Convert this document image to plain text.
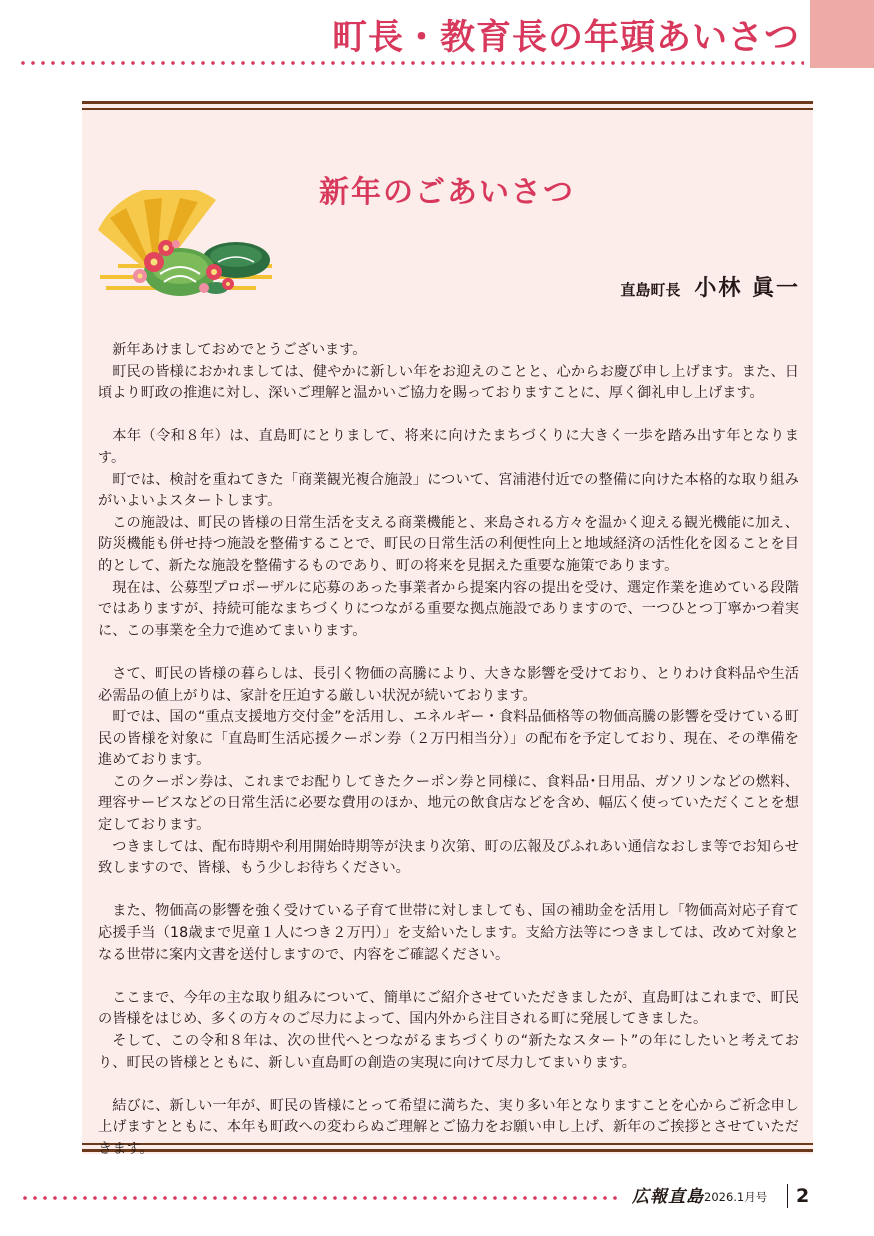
町長・教育長の年頭あいさつ
新年のごあいさつ
直島町長 小林 眞一

新年あけましておめでとうございます。

町民の皆様におかれましては、健やかに新しい年をお迎えのことと、心からお慶び申し上げます。また、日頃より町政の推進に対し、深いご理解と温かいご協力を賜っておりますことに、厚く御礼申し上げます。

本年（令和８年）は、直島町にとりまして、将来に向けたまちづくりに大きく一歩を踏み出す年となります。

町では、検討を重ねてきた「商業観光複合施設」について、宮浦港付近での整備に向けた本格的な取り組みがいよいよスタートします。

この施設は、町民の皆様の日常生活を支える商業機能と、来島される方々を温かく迎える観光機能に加え、防災機能も併せ持つ施設を整備することで、町民の日常生活の利便性向上と地域経済の活性化を図ることを目的として、新たな施設を整備するものであり、町の将来を見据えた重要な施策であります。

現在は、公募型プロポーザルに応募のあった事業者から提案内容の提出を受け、選定作業を進めている段階ではありますが、持続可能なまちづくりにつながる重要な拠点施設でありますので、一つひとつ丁寧かつ着実に、この事業を全力で進めてまいります。

さて、町民の皆様の暮らしは、長引く物価の高騰により、大きな影響を受けており、とりわけ食料品や生活必需品の値上がりは、家計を圧迫する厳しい状況が続いております。

町では、国の“重点支援地方交付金”を活用し、エネルギー・食料品価格等の物価高騰の影響を受けている町民の皆様を対象に「直島町生活応援クーポン券（２万円相当分）」の配布を予定しており、現在、その準備を進めております。

このクーポン券は、これまでお配りしてきたクーポン券と同様に、食料品･日用品、ガソリンなどの燃料、理容サービスなどの日常生活に必要な費用のほか、地元の飲食店などを含め、幅広く使っていただくことを想定しております。

つきましては、配布時期や利用開始時期等が決まり次第、町の広報及びふれあい通信なおしま等でお知らせ致しますので、皆様、もう少しお待ちください。

また、物価高の影響を強く受けている子育て世帯に対しましても、国の補助金を活用し「物価高対応子育て応援手当（18歳まで児童１人につき２万円）」を支給いたします。支給方法等につきましては、改めて対象となる世帯に案内文書を送付しますので、内容をご確認ください。

ここまで、今年の主な取り組みについて、簡単にご紹介させていただきましたが、直島町はこれまで、町民の皆様をはじめ、多くの方々のご尽力によって、国内外から注目される町に発展してきました。

そして、この令和８年は、次の世代へとつながるまちづくりの“新たなスタート”の年にしたいと考えており、町民の皆様とともに、新しい直島町の創造の実現に向けて尽力してまいります。

結びに、新しい一年が、町民の皆様にとって希望に満ちた、実り多い年となりますことを心からご祈念申し上げますとともに、本年も町政への変わらぬご理解とご協力をお願い申し上げ、新年のご挨拶とさせていただきます。

広報直島 2026.1月号	2
